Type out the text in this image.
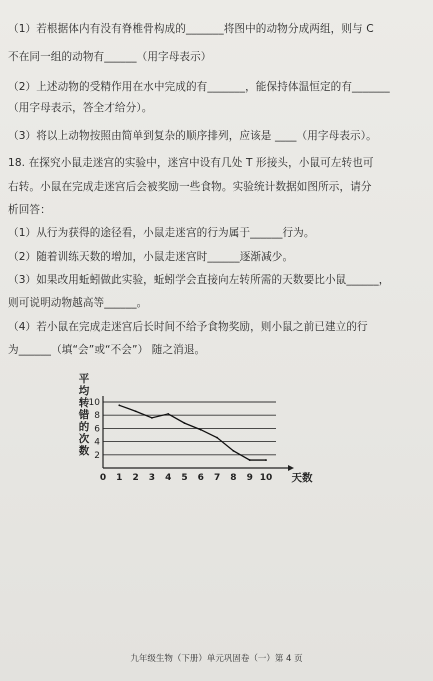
（1）若根据体内有没有脊椎骨构成的_______将图中的动物分成两组，则与 C
不在同一组的动物有______（用字母表示）
（2）上述动物的受精作用在水中完成的有_______，能保持体温恒定的有_______
（用字母表示，答全才给分）。
（3）将以上动物按照由简单到复杂的顺序排列，应该是 ____（用字母表示）。
18. 在探究小鼠走迷宫的实验中，迷宫中设有几处 T 形接头，小鼠可左转也可
右转。小鼠在完成走迷宫后会被奖励一些食物。实验统计数据如图所示，请分
析回答：
（1）从行为获得的途径看，小鼠走迷宫的行为属于______行为。
（2）随着训练天数的增加，小鼠走迷宫时______逐渐减少。
（3）如果改用蚯蚓做此实验，蚯蚓学会直接向左转所需的天数要比小鼠______，
则可说明动物越高等______。
（4）若小鼠在完成走迷宫后长时间不给予食物奖励，则小鼠之前已建立的行
为______（填“会”或“不会”） 随之消退。
平
均
转
错
的
次
数 2
4
6
8
10
0 1 2 3 4 5 6 7 8 9 10 天数
九年级生物（下册）单元巩固卷（一）第 4 页
